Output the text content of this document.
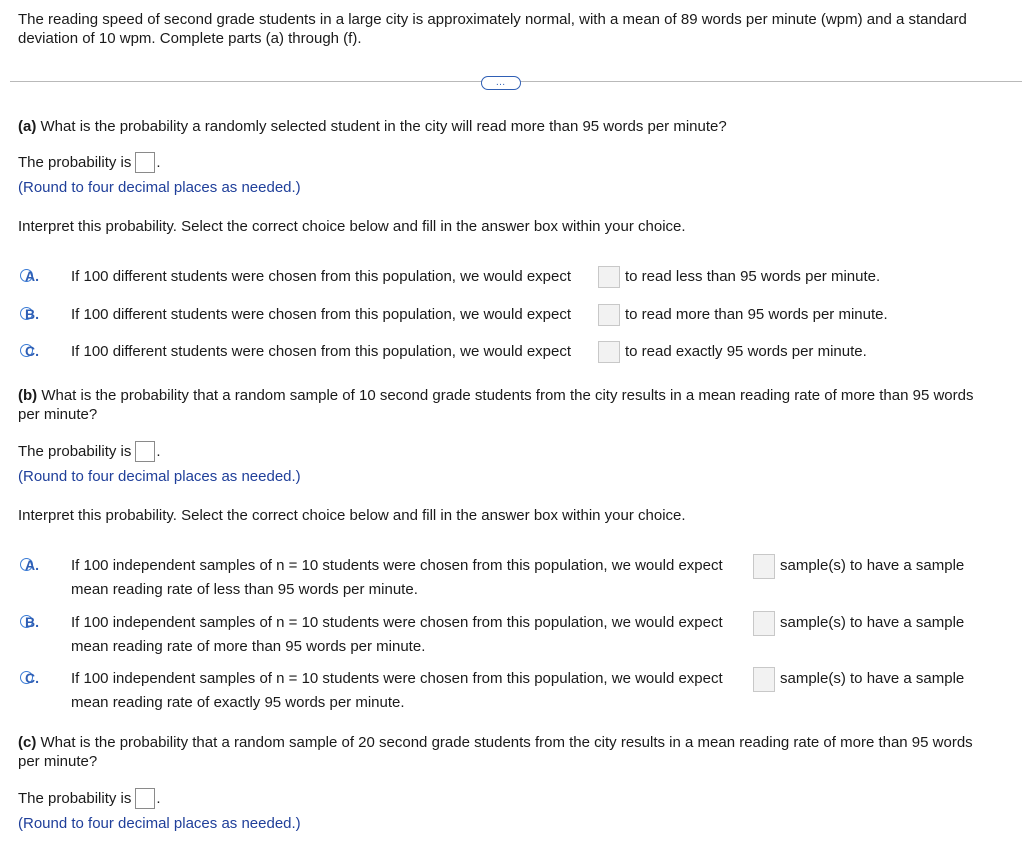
The reading speed of second grade students in a large city is approximately normal, with a mean of 89 words per minute (wpm) and a standard deviation of 10 wpm. Complete parts (a) through (f).
…
(a) What is the probability a randomly selected student in the city will read more than 95 words per minute?
The probability is .
(Round to four decimal places as needed.)
Interpret this probability. Select the correct choice below and fill in the answer box within your choice.
A. If 100 different students were chosen from this population, we would expect	to read less than 95 words per minute.
B. If 100 different students were chosen from this population, we would expect	to read more than 95 words per minute.
C. If 100 different students were chosen from this population, we would expect	to read exactly 95 words per minute.
(b) What is the probability that a random sample of 10 second grade students from the city results in a mean reading rate of more than 95 words per minute?
The probability is .
(Round to four decimal places as needed.)
Interpret this probability. Select the correct choice below and fill in the answer box within your choice.
A. If 100 independent samples of n = 10 students were chosen from this population, we would expect	sample(s) to have a sample
mean reading rate of less than 95 words per minute.
B. If 100 independent samples of n = 10 students were chosen from this population, we would expect	sample(s) to have a sample
mean reading rate of more than 95 words per minute.
C. If 100 independent samples of n = 10 students were chosen from this population, we would expect	sample(s) to have a sample
mean reading rate of exactly 95 words per minute.
(c) What is the probability that a random sample of 20 second grade students from the city results in a mean reading rate of more than 95 words per minute?
The probability is .
(Round to four decimal places as needed.)
